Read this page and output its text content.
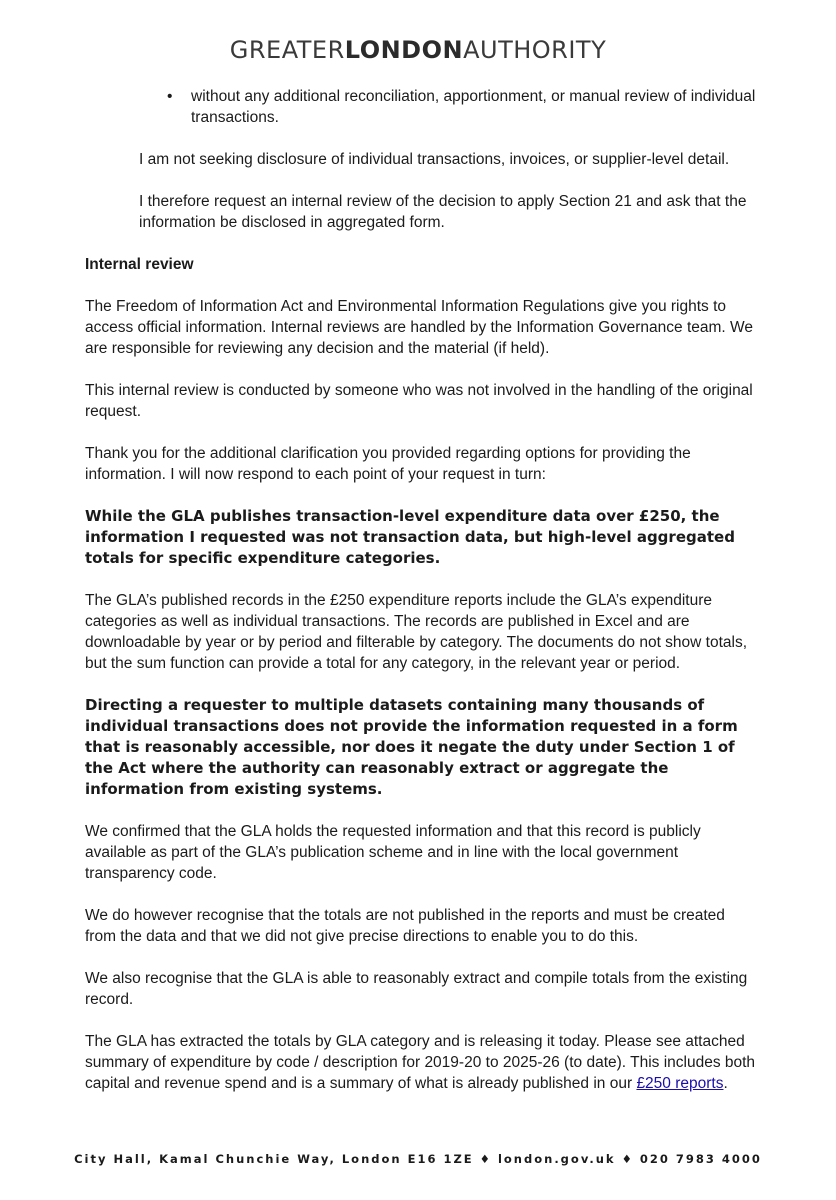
GREATERLONDONAUTHORITY
•	without any additional reconciliation, apportionment, or manual review of individual transactions.

I am not seeking disclosure of individual transactions, invoices, or supplier-level detail.

I therefore request an internal review of the decision to apply Section 21 and ask that the information be disclosed in aggregated form.

Internal review

The Freedom of Information Act and Environmental Information Regulations give you rights to access official information. Internal reviews are handled by the Information Governance team. We are responsible for reviewing any decision and the material (if held).

This internal review is conducted by someone who was not involved in the handling of the original request.

Thank you for the additional clarification you provided regarding options for providing the information. I will now respond to each point of your request in turn:

While the GLA publishes transaction-level expenditure data over £250, the information I requested was not transaction data, but high-level aggregated totals for specific expenditure categories.

The GLA’s published records in the £250 expenditure reports include the GLA’s expenditure categories as well as individual transactions. The records are published in Excel and are downloadable by year or by period and filterable by category. The documents do not show totals, but the sum function can provide a total for any category, in the relevant year or period.

Directing a requester to multiple datasets containing many thousands of individual transactions does not provide the information requested in a form that is reasonably accessible, nor does it negate the duty under Section 1 of the Act where the authority can reasonably extract or aggregate the information from existing systems.

We confirmed that the GLA holds the requested information and that this record is publicly available as part of the GLA’s publication scheme and in line with the local government transparency code.

We do however recognise that the totals are not published in the reports and must be created from the data and that we did not give precise directions to enable you to do this.

We also recognise that the GLA is able to reasonably extract and compile totals from the existing record.

The GLA has extracted the totals by GLA category and is releasing it today. Please see attached summary of expenditure by code / description for 2019-20 to 2025-26 (to date). This includes both capital and revenue spend and is a summary of what is already published in our £250 reports.

City Hall, Kamal Chunchie Way, London E16 1ZE ♦ london.gov.uk ♦ 020 7983 4000
